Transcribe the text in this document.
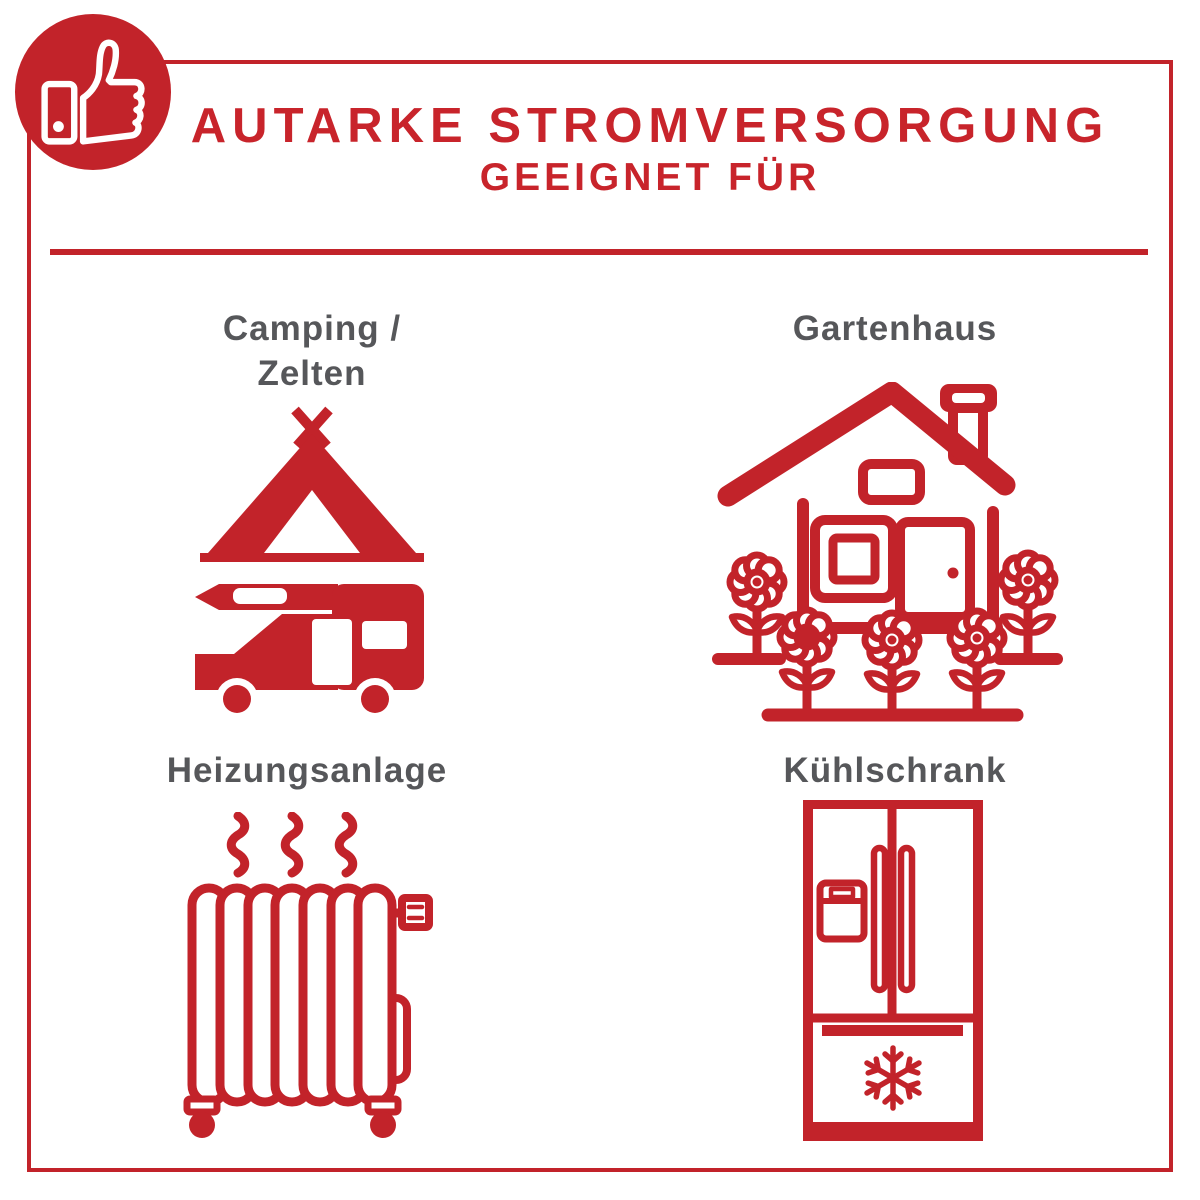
AUTARKE STROMVERSORGUNG
GEEIGNET FÜR
Camping / Zelten
Gartenhaus
Heizungsanlage	Kühlschrank
